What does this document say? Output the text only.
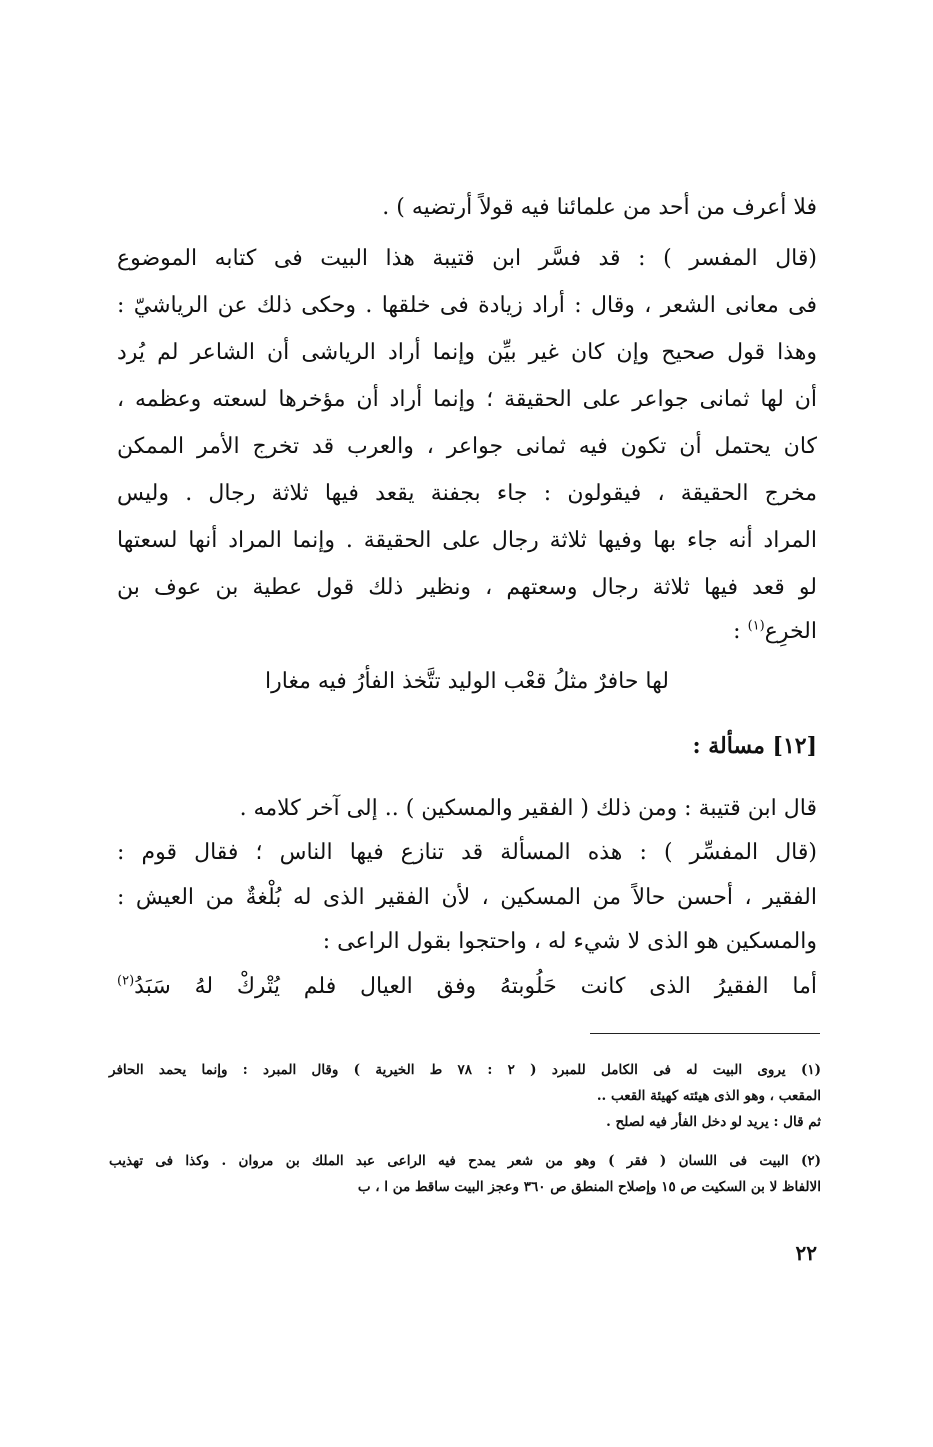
فلا أعرف من أحد من علمائنا فيه قولاً أرتضيه ) .
(قال المفسر ) : قد فسَّر ابن قتيبة هذا البيت فى كتابه الموضوع
فى معانى الشعر ، وقال : أراد زيادة فى خلقها . وحكى ذلك عن الرياشيّ :
وهذا قول صحيح وإن كان غير بيِّن وإنما أراد الرياشى أن الشاعر لم يُرد
أن لها ثمانى جواعر على الحقيقة ؛ وإنما أراد أن مؤخرها لسعته وعظمه ،
كان يحتمل أن تكون فيه ثمانى جواعر ، والعرب قد تخرج الأمر الممكن
مخرج الحقيقة ، فيقولون : جاء بجفنة يقعد فيها ثلاثة رجال . وليس
المراد أنه جاء بها وفيها ثلاثة رجال على الحقيقة . وإنما المراد أنها لسعتها
لو قعد فيها ثلاثة رجال وسعتهم ، ونظير ذلك قول عطية بن عوف بن
الخرِع$^{(١)}$ :
لها حافرٌ مثلُ قعْب الوليد تتَّخذ الفأرُ فيه مغارا
[١٢] مسألة :
قال ابن قتيبة : ومن ذلك ( الفقير والمسكين ) .. إلى آخر كلامه .
(قال المفسِّر ) : هذه المسألة قد تنازع فيها الناس ؛ فقال قوم :
الفقير ، أحسن حالاً من المسكين ، لأن الفقير الذى له بُلْغةٌ من العيش :
والمسكين هو الذى لا شيء له ، واحتجوا بقول الراعى :
أما الفقيرُ الذى كانت حَلُوبتهُ وفق العيال فلم يُتْركْ لهُ سَبَدُ$^{(٢)}$
(١) يروى البيت له فى الكامل للمبرد ( ٢ : ٧٨ ط الخيرية ) وقال المبرد : وإنما يحمد الحافر
المقعب ، وهو الذى هيئته كهيئة القعب ..
ثم قال : يريد لو دخل الفأر فيه لصلح .
(٢) البيت فى اللسان ( فقر ) وهو من شعر يمدح فيه الراعى عبد الملك بن مروان . وكذا فى تهذيب
الالفاظ لا بن السكيت ص ١٥ وإصلاح المنطق ص ٣٦٠ وعجز البيت ساقط من ا ، ب
٢٢
